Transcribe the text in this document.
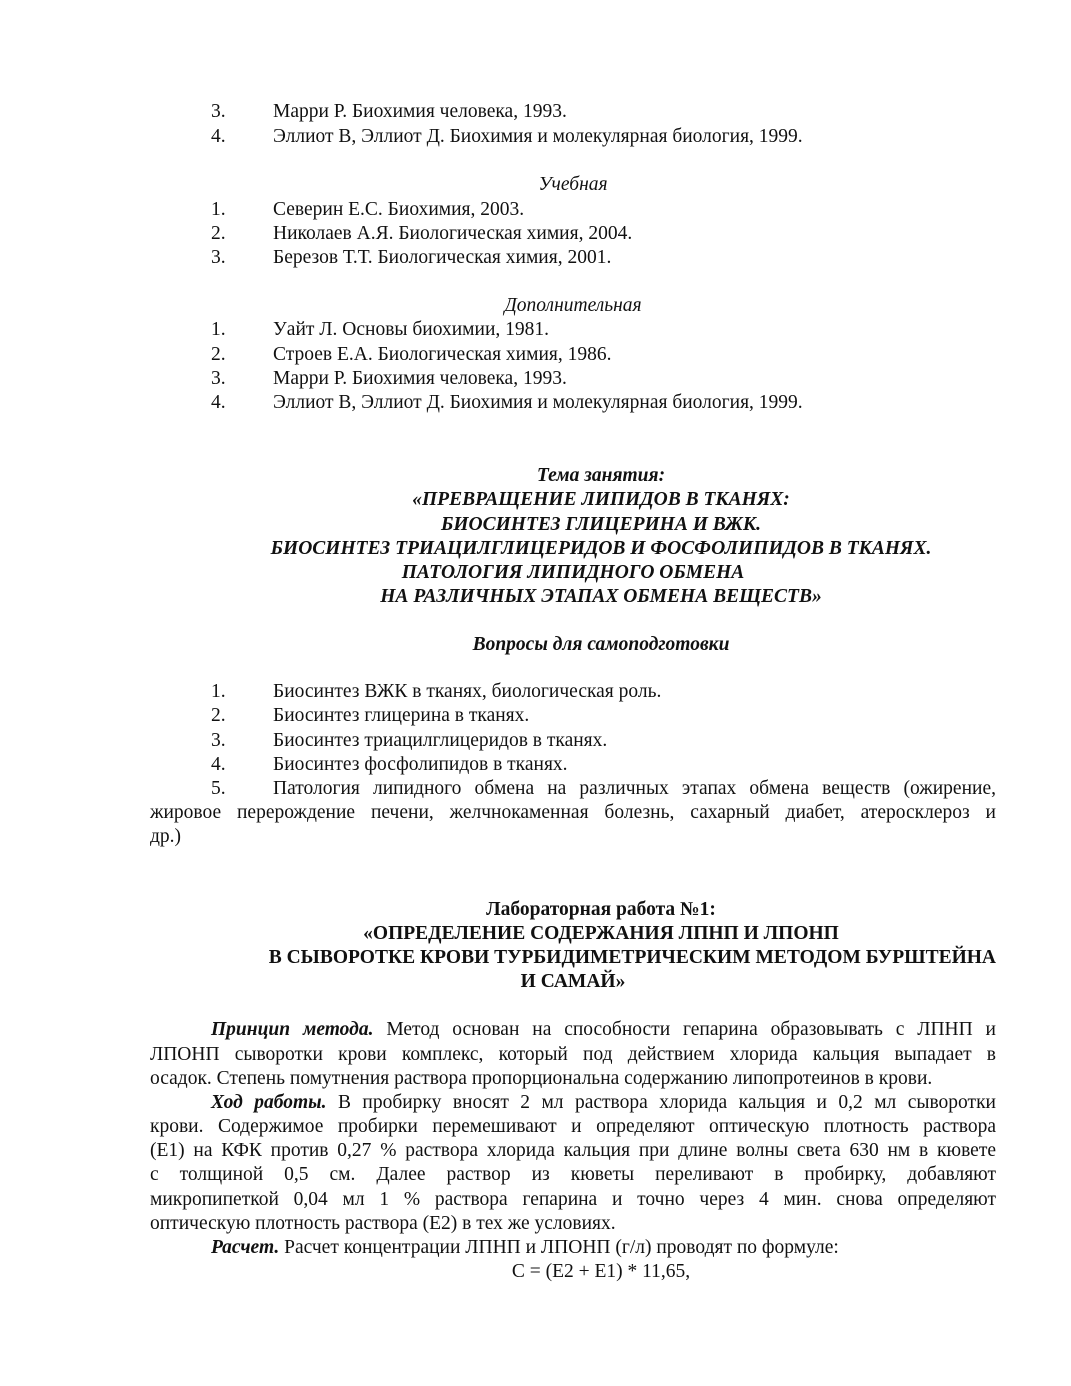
3. Марри Р. Биохимия человека, 1993.
4. Эллиот В, Эллиот Д. Биохимия и молекулярная биология, 1999.
Учебная
1. Северин Е.С. Биохимия, 2003.
2. Николаев А.Я. Биологическая химия, 2004.
3. Березов Т.Т. Биологическая химия, 2001.
Дополнительная
1. Уайт Л. Основы биохимии, 1981.
2. Строев Е.А. Биологическая химия, 1986.
3. Марри Р. Биохимия человека, 1993.
4. Эллиот В, Эллиот Д. Биохимия и молекулярная биология, 1999.
Тема занятия:
«ПРЕВРАЩЕНИЕ ЛИПИДОВ В ТКАНЯХ:
БИОСИНТЕЗ ГЛИЦЕРИНА И ВЖК.
БИОСИНТЕЗ ТРИАЦИЛГЛИЦЕРИДОВ И ФОСФОЛИПИДОВ В ТКАНЯХ.
ПАТОЛОГИЯ ЛИПИДНОГО ОБМЕНА
НА РАЗЛИЧНЫХ ЭТАПАХ ОБМЕНА ВЕЩЕСТВ»
Вопросы для самоподготовки
1. Биосинтез ВЖК в тканях, биологическая роль.
2. Биосинтез глицерина в тканях.
3. Биосинтез триацилглицеридов в тканях.
4. Биосинтез фосфолипидов в тканях.
5. Патология липидного обмена на различных этапах обмена веществ (ожирение,
жировое перерождение печени, желчнокаменная болезнь, сахарный диабет, атеросклероз и
др.)
Лабораторная работа №1:
«ОПРЕДЕЛЕНИЕ СОДЕРЖАНИЯ ЛПНП И ЛПОНП
В СЫВОРОТКЕ КРОВИ ТУРБИДИМЕТРИЧЕСКИМ МЕТОДОМ БУРШТЕЙНА
И САМАЙ»
Принцип метода. Метод основан на способности гепарина образовывать с ЛПНП и
ЛПОНП сыворотки крови комплекс, который под действием хлорида кальция выпадает в
осадок. Степень помутнения раствора пропорциональна содержанию липопротеинов в крови.
Ход работы. В пробирку вносят 2 мл раствора хлорида кальция и 0,2 мл сыворотки
крови. Содержимое пробирки перемешивают и определяют оптическую плотность раствора
(Е1) на КФК против 0,27 % раствора хлорида кальция при длине волны света 630 нм в кювете
с толщиной 0,5 см. Далее раствор из кюветы переливают в пробирку, добавляют
микропипеткой 0,04 мл 1 % раствора гепарина и точно через 4 мин. снова определяют
оптическую плотность раствора (Е2) в тех же условиях.
Расчет. Расчет концентрации ЛПНП и ЛПОНП (г/л) проводят по формуле:
С = (Е2 + Е1) * 11,65,
